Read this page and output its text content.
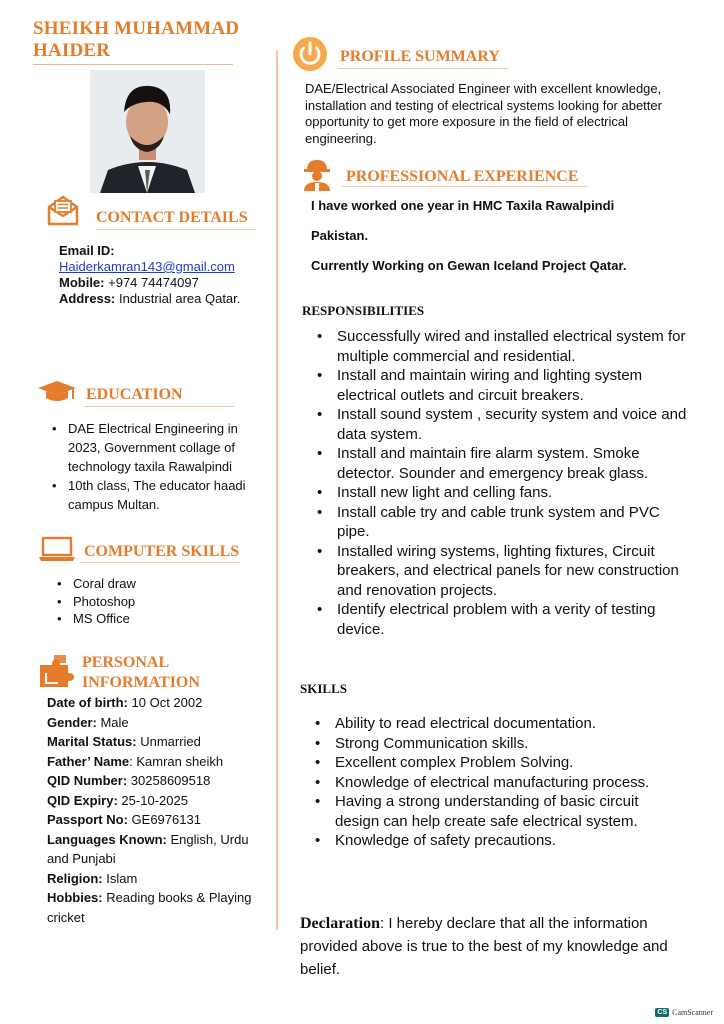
SHEIKH MUHAMMAD HAIDER
CONTACT DETAILS
Email ID:
Haiderkamran143@gmail.com
Mobile: +974 74474097
Address: Industrial area Qatar.
EDUCATION
• DAE Electrical Engineering in 2023, Government collage of technology taxila Rawalpindi
• 10th class, The educator haadi campus Multan.
COMPUTER SKILLS
• Coral draw
• Photoshop
• MS Office
PERSONAL INFORMATION
Date of birth: 10 Oct 2002
Gender: Male
Marital Status: Unmarried
Father’ Name: Kamran sheikh
QID Number: 30258609518
QID Expiry: 25-10-2025
Passport No: GE6976131
Languages Known: English, Urdu and Punjabi
Religion: Islam
Hobbies: Reading books & Playing cricket
PROFILE SUMMARY
DAE/Electrical Associated Engineer with excellent knowledge, installation and testing of electrical systems looking for abetter opportunity to get more exposure in the field of electrical engineering.
PROFESSIONAL EXPERIENCE

I have worked one year in HMC Taxila Rawalpindi

Pakistan.

Currently Working on Gewan Iceland Project Qatar.

RESPONSIBILITIES
• Successfully wired and installed electrical system for multiple commercial and residential.
• Install and maintain wiring and lighting system electrical outlets and circuit breakers.
• Install sound system , security system and voice and data system.
• Install and maintain fire alarm system. Smoke detector. Sounder and emergency break glass.
• Install new light and celling fans.
• Install cable try and cable trunk system and PVC pipe.
• Installed wiring systems, lighting fixtures, Circuit breakers, and electrical panels for new construction and renovation projects.
• Identify electrical problem with a verity of testing device.
SKILLS
• Ability to read electrical documentation.
• Strong Communication skills.
• Excellent complex Problem Solving.
• Knowledge of electrical manufacturing process.
• Having a strong understanding of basic circuit design can help create safe electrical system.
• Knowledge of safety precautions.
Declaration: I hereby declare that all the information provided above is true to the best of my knowledge and belief.
CS CamScanner
